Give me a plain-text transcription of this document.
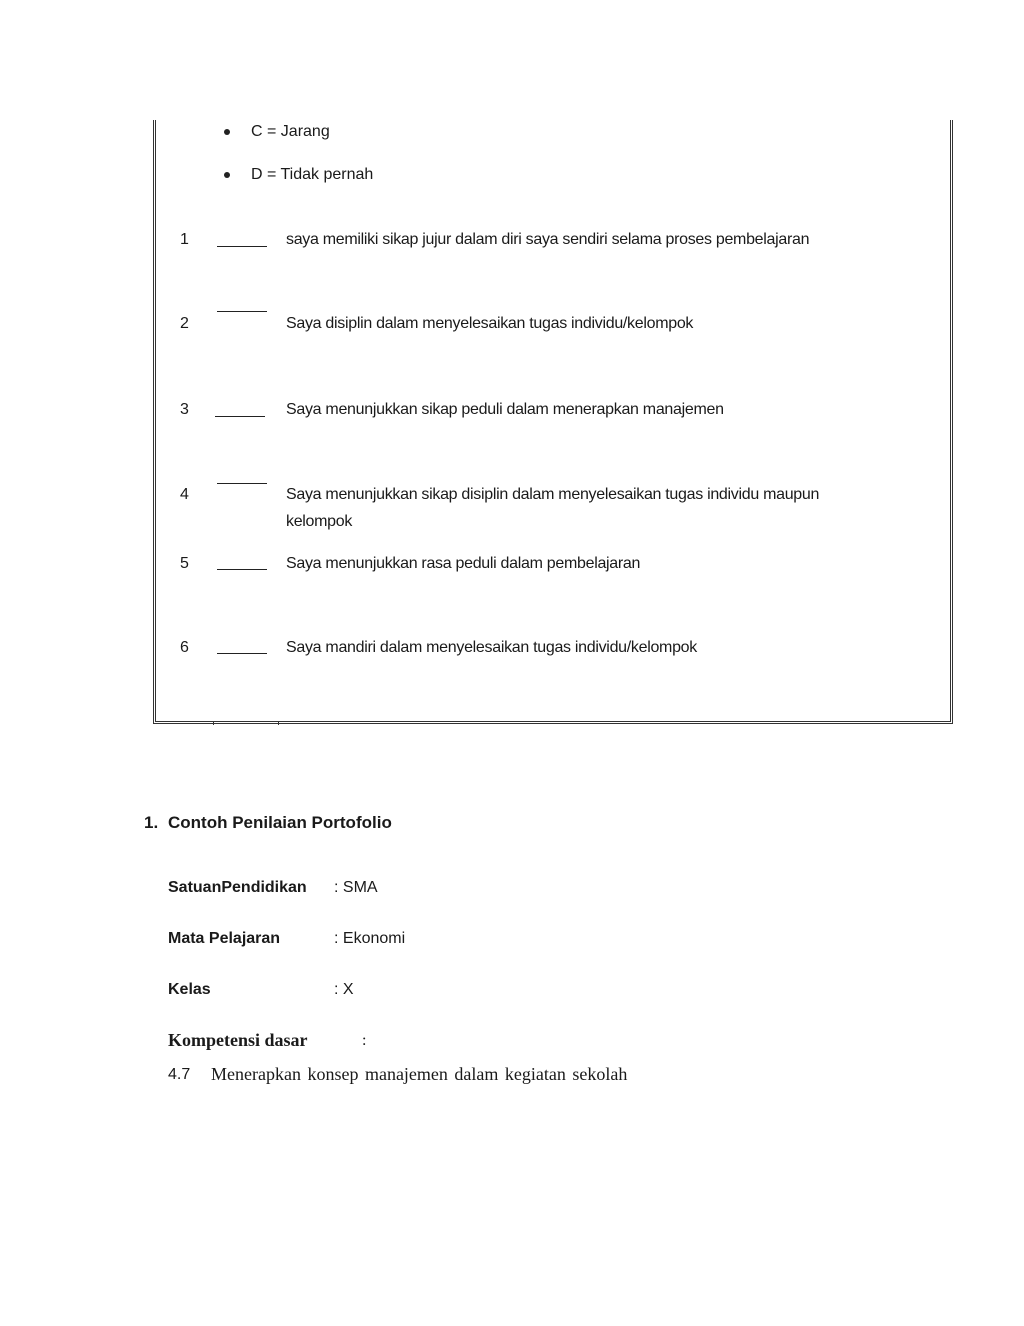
C = Jarang
D = Tidak pernah
1	saya memiliki sikap jujur dalam diri saya sendiri selama proses pembelajaran
2	Saya disiplin dalam menyelesaikan tugas individu/kelompok
3	Saya menunjukkan sikap peduli dalam menerapkan manajemen
4	Saya menunjukkan sikap disiplin dalam menyelesaikan tugas individu maupun kelompok
5	Saya menunjukkan rasa peduli dalam pembelajaran
6	Saya mandiri dalam menyelesaikan tugas individu/kelompok
1. Contoh Penilaian Portofolio
SatuanPendidikan : SMA
Mata Pelajaran	: Ekonomi
Kelas	: X
Kompetensi dasar	:
4.7 Menerapkan konsep manajemen dalam kegiatan sekolah
